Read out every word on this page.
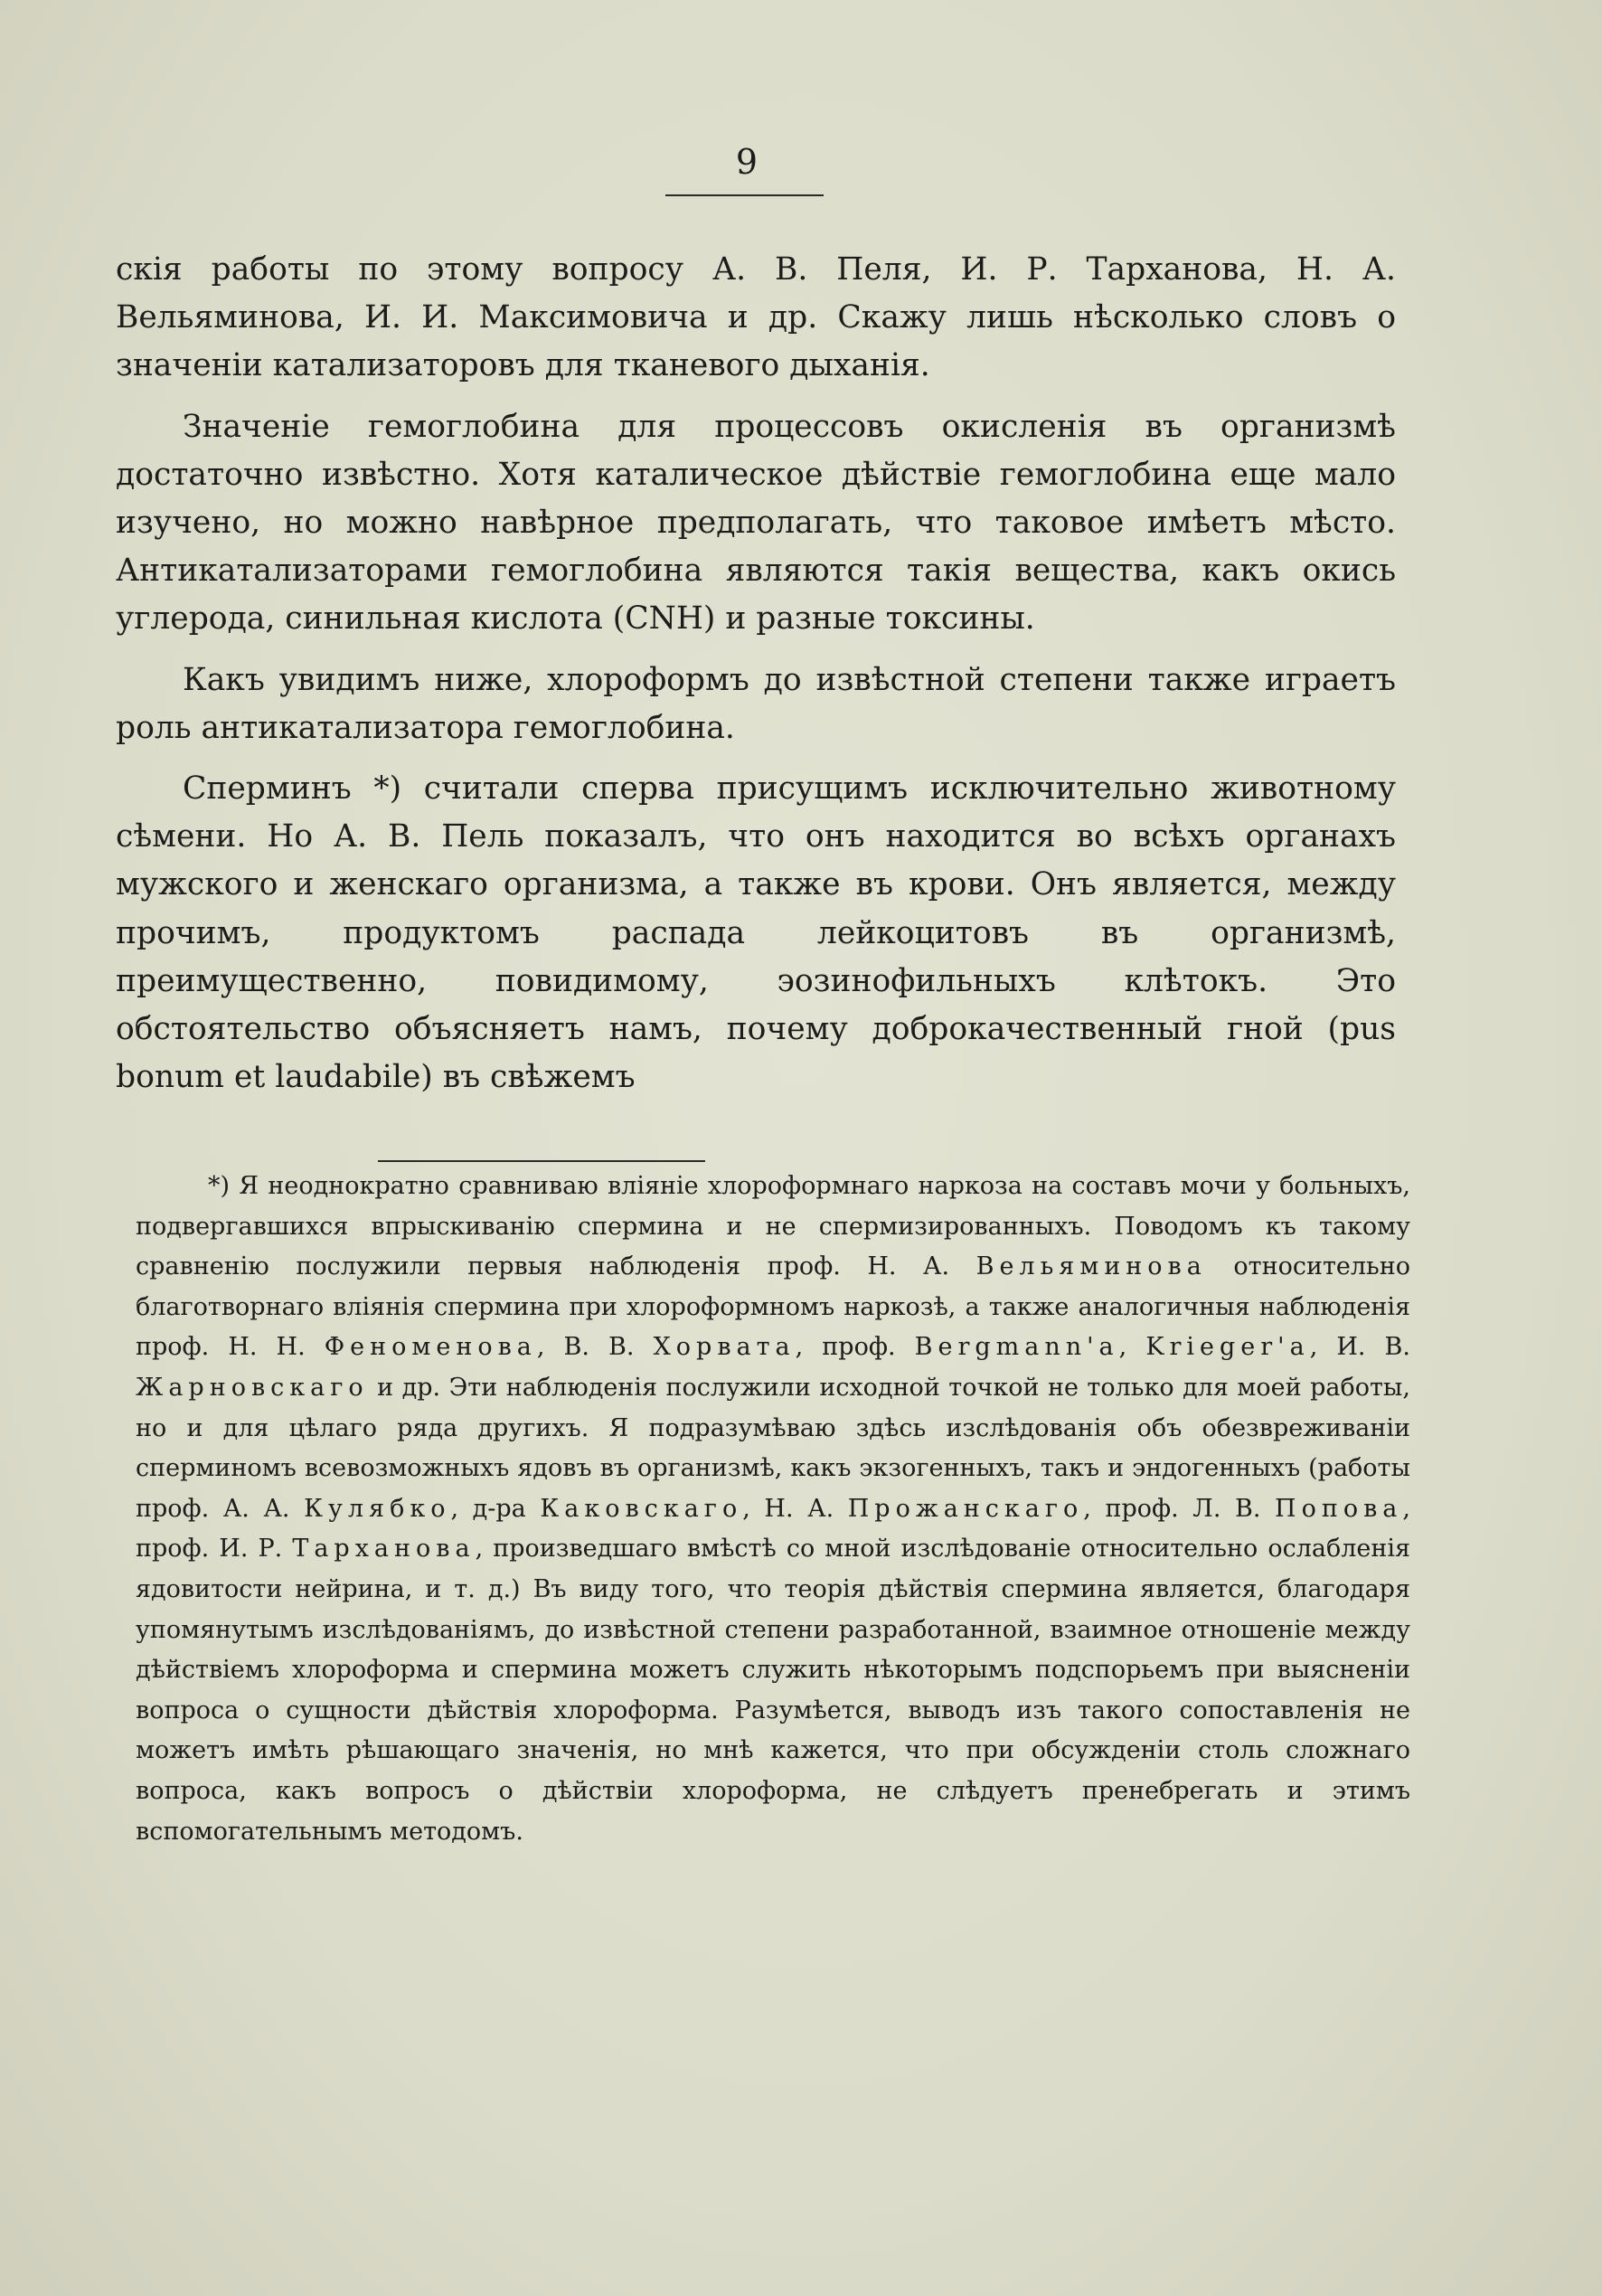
9

скія работы по этому вопросу А. В. Пеля, И. Р. Тарханова, Н. А. Вельяминова, И. И. Максимовича и др. Скажу лишь нѣсколько словъ о значеніи катализаторовъ для тканевого дыханія.

Значеніе гемоглобина для процессовъ окисленія въ организмѣ достаточно извѣстно. Хотя каталическое дѣйствіе гемоглобина еще мало изучено, но можно навѣрное предполагать, что таковое имѣетъ мѣсто. Антикатализаторами гемоглобина являются такія вещества, какъ окись углерода, синильная кислота (CNH) и разные токсины.

Какъ увидимъ ниже, хлороформъ до извѣстной степени также играетъ роль антикатализатора гемоглобина.

Сперминъ *) считали сперва присущимъ исключительно животному сѣмени. Но А. В. Пель показалъ, что онъ находится во всѣхъ органахъ мужского и женскаго организма, а также въ крови. Онъ является, между прочимъ, продуктомъ распада лейкоцитовъ въ организмѣ, преимущественно, повидимому, эозинофильныхъ клѣтокъ. Это обстоятельство объясняетъ намъ, почему доброкачественный гной (pus bonum et laudabile) въ свѣжемъ

*) Я неоднократно сравниваю вліяніе хлороформнаго наркоза на составъ мочи у больныхъ, подвергавшихся впрыскиванію спермина и не спермизированныхъ. Поводомъ къ такому сравненію послужили первыя наблюденія проф. Н. А. Вельяминова относительно благотворнаго вліянія спермина при хлороформномъ наркозѣ, а также аналогичныя наблюденія проф. Н. Н. Феноменова, В. В. Хорвата, проф. Bergmann'a, Krieger'a, И. В. Жарновскаго и др. Эти наблюденія послужили исходной точкой не только для моей работы, но и для цѣлаго ряда другихъ. Я подразумѣваю здѣсь изслѣдованія объ обезвреживаніи сперминомъ всевозможныхъ ядовъ въ организмѣ, какъ экзогенныхъ, такъ и эндогенныхъ (работы проф. А. А. Кулябко, д-ра Каковскаго, Н. А. Прожанскаго, проф. Л. В. Попова, проф. И. Р. Тарханова, произведшаго вмѣстѣ со мной изслѣдованіе относительно ослабленія ядовитости нейрина, и т. д.) Въ виду того, что теорія дѣйствія спермина является, благодаря упомянутымъ изслѣдованіямъ, до извѣстной степени разработанной, взаимное отношеніе между дѣйствіемъ хлороформа и спермина можетъ служить нѣкоторымъ подспорьемъ при выясненіи вопроса о сущности дѣйствія хлороформа. Разумѣется, выводъ изъ такого сопоставленія не можетъ имѣть рѣшающаго значенія, но мнѣ кажется, что при обсужденіи столь сложнаго вопроса, какъ вопросъ о дѣйствіи хлороформа, не слѣдуетъ пренебрегать и этимъ вспомогательнымъ методомъ.
